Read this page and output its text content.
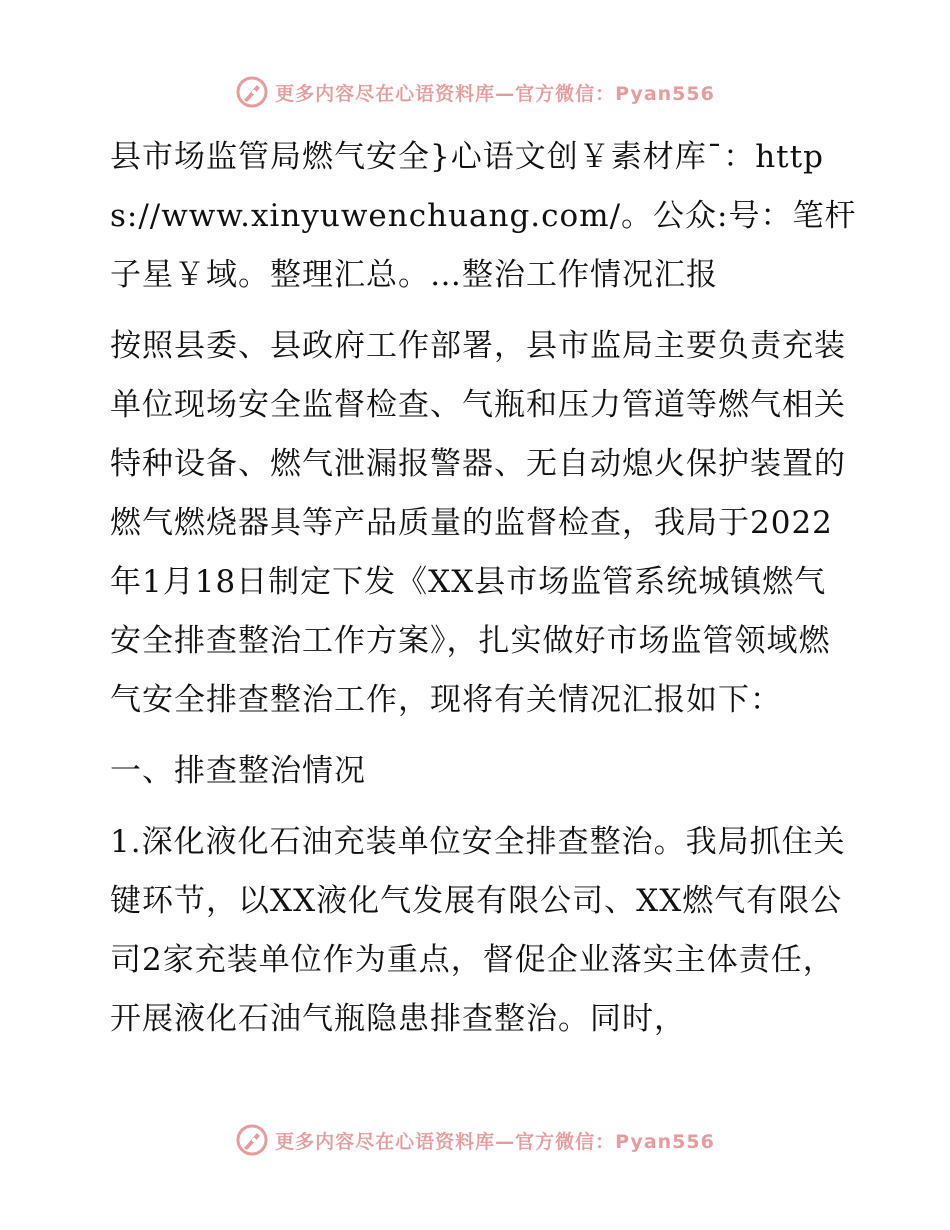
更多内容尽在心语资料库—官方微信：Pyan556

县市场监管局燃气安全}心语文创￥素材库¯：https://www.xinyuwenchuang.com/。公众:号：笔杆子星￥域。整理汇总。…整治工作情况汇报

按照县委、县政府工作部署，县市监局主要负责充装单位现场安全监督检查、气瓶和压力管道等燃气相关特种设备、燃气泄漏报警器、无自动熄火保护装置的燃气燃烧器具等产品质量的监督检查，我局于2022年1月18日制定下发《XX县市场监管系统城镇燃气安全排查整治工作方案》，扎实做好市场监管领域燃气安全排查整治工作，现将有关情况汇报如下：

一、排查整治情况

1.深化液化石油充装单位安全排查整治。我局抓住关键环节，以XX液化气发展有限公司、XX燃气有限公司2家充装单位作为重点，督促企业落实主体责任，开展液化石油气瓶隐患排查整治。同时，

更多内容尽在心语资料库—官方微信：Pyan556
